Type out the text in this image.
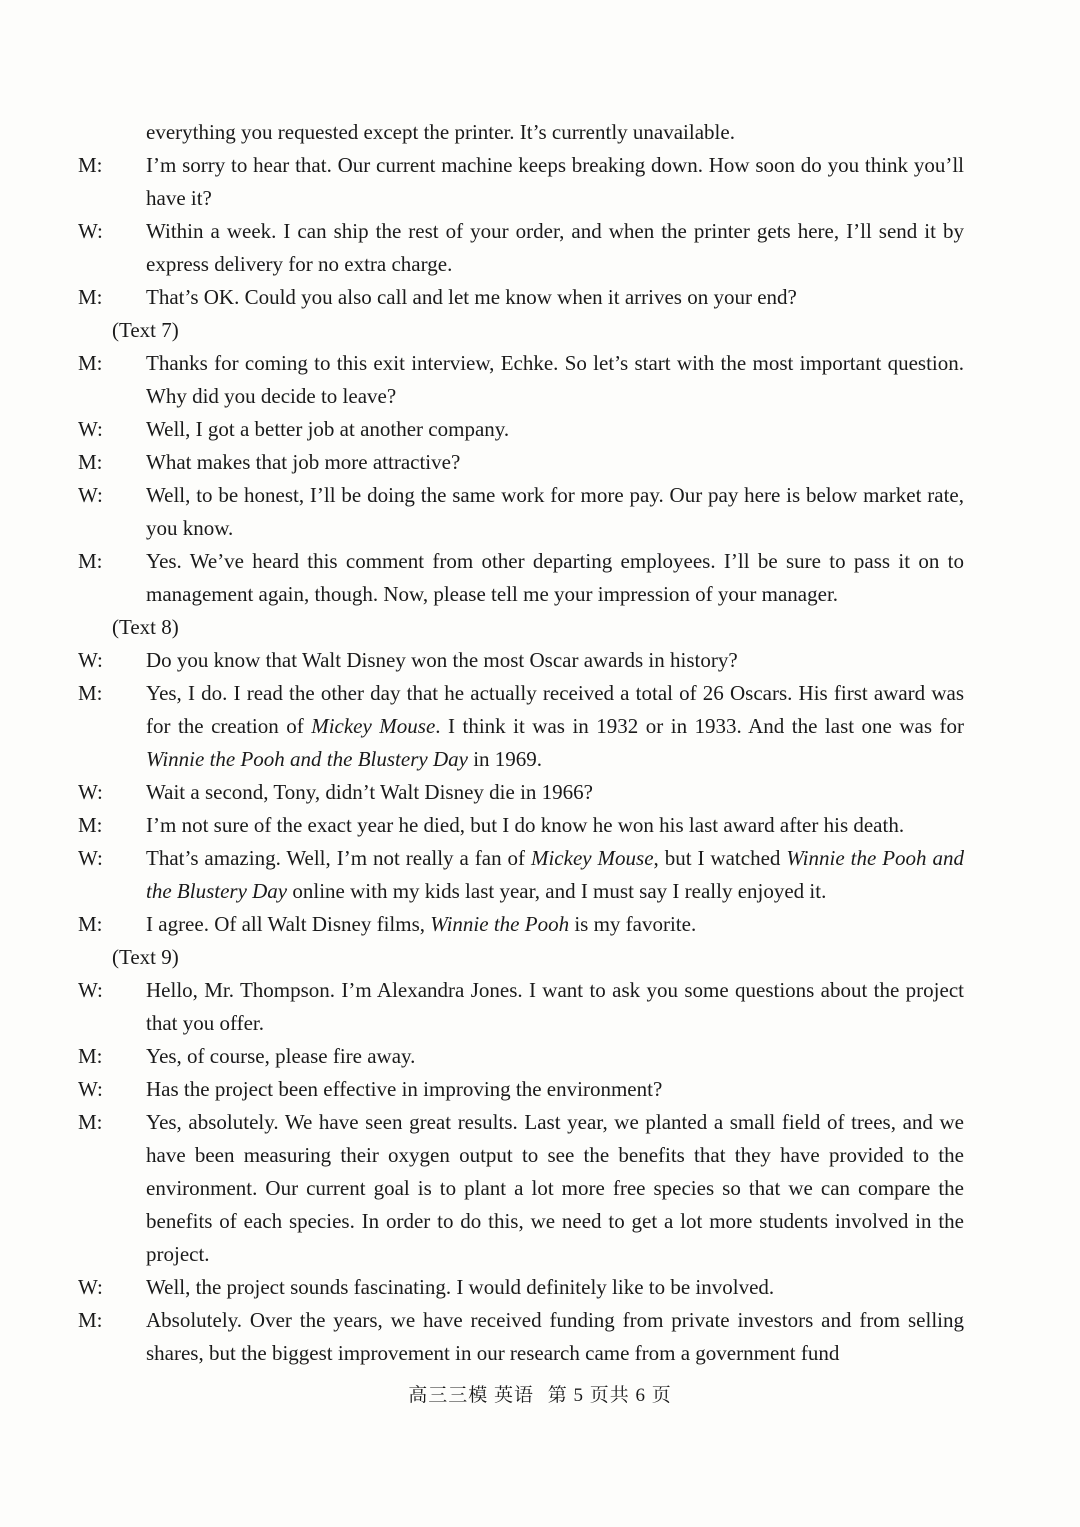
everything you requested except the printer. It’s currently unavailable.
M: I’m sorry to hear that. Our current machine keeps breaking down. How soon do you think you’ll have it?
W: Within a week. I can ship the rest of your order, and when the printer gets here, I’ll send it by express delivery for no extra charge.
M: That’s OK. Could you also call and let me know when it arrives on your end?
(Text 7)
M: Thanks for coming to this exit interview, Echke. So let’s start with the most important question. Why did you decide to leave?
W: Well, I got a better job at another company.
M: What makes that job more attractive?
W: Well, to be honest, I’ll be doing the same work for more pay. Our pay here is below market rate, you know.
M: Yes. We’ve heard this comment from other departing employees. I’ll be sure to pass it on to management again, though. Now, please tell me your impression of your manager.
(Text 8)
W: Do you know that Walt Disney won the most Oscar awards in history?
M: Yes, I do. I read the other day that he actually received a total of 26 Oscars. His first award was for the creation of Mickey Mouse. I think it was in 1932 or in 1933. And the last one was for Winnie the Pooh and the Blustery Day in 1969.
W: Wait a second, Tony, didn’t Walt Disney die in 1966?
M: I’m not sure of the exact year he died, but I do know he won his last award after his death.
W: That’s amazing. Well, I’m not really a fan of Mickey Mouse, but I watched Winnie the Pooh and the Blustery Day online with my kids last year, and I must say I really enjoyed it.
M: I agree. Of all Walt Disney films, Winnie the Pooh is my favorite.
(Text 9)
W: Hello, Mr. Thompson. I’m Alexandra Jones. I want to ask you some questions about the project that you offer.
M: Yes, of course, please fire away.
W: Has the project been effective in improving the environment?
M: Yes, absolutely. We have seen great results. Last year, we planted a small field of trees, and we have been measuring their oxygen output to see the benefits that they have provided to the environment. Our current goal is to plant a lot more free species so that we can compare the benefits of each species. In order to do this, we need to get a lot more students involved in the project.
W: Well, the project sounds fascinating. I would definitely like to be involved.
M: Absolutely. Over the years, we have received funding from private investors and from selling shares, but the biggest improvement in our research came from a government fund
高三三模 英语 第 5 页共 6 页
